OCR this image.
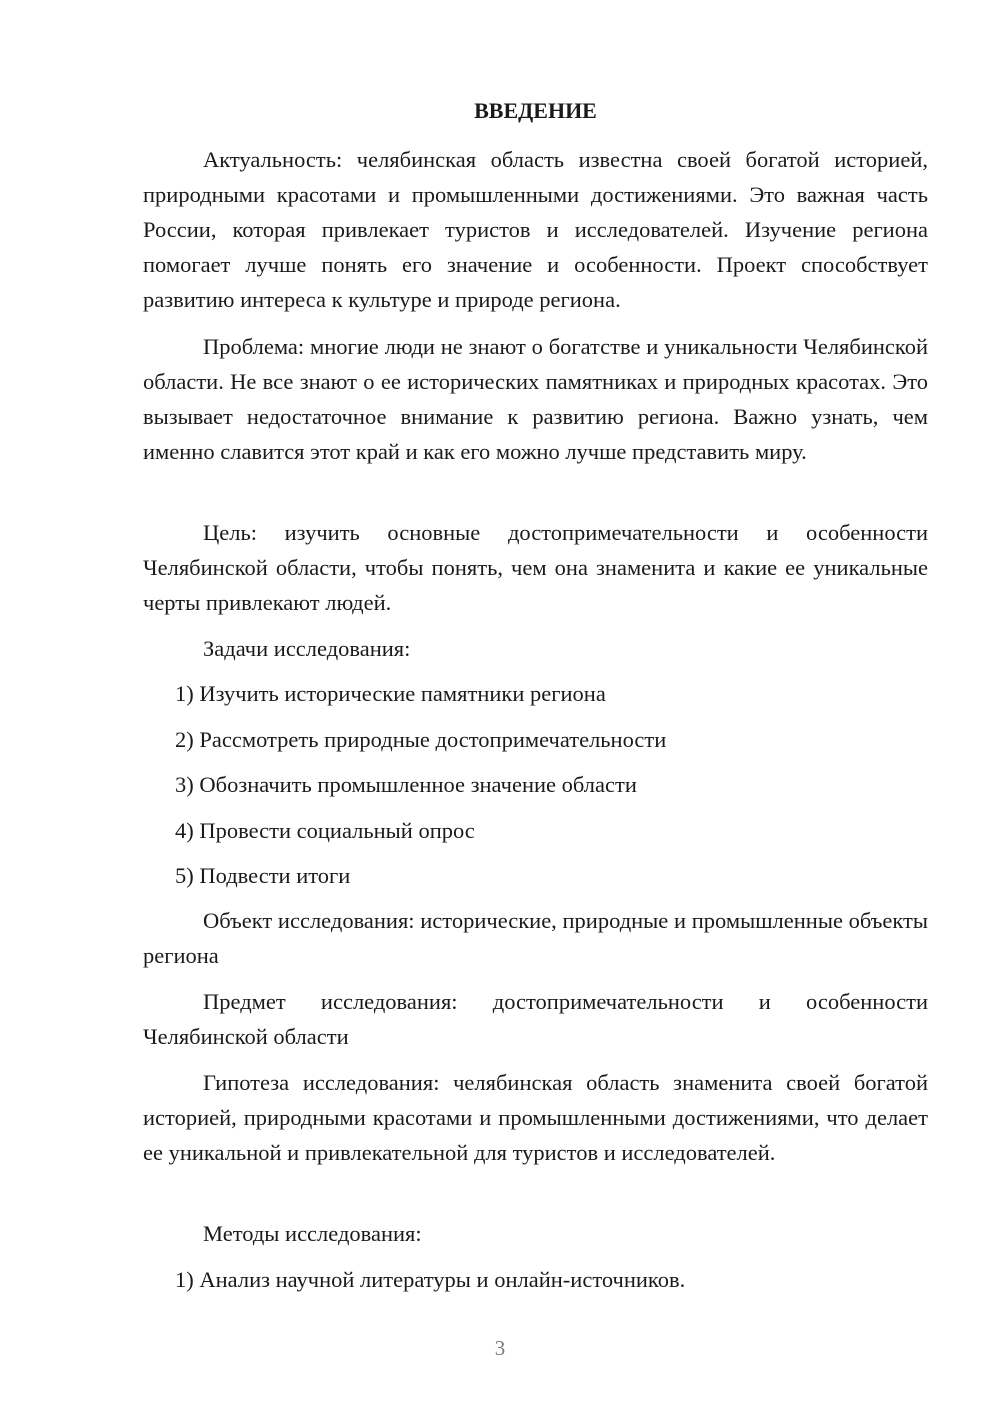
ВВЕДЕНИЕ

Актуальность: челябинская область известна своей богатой историей, природными красотами и промышленными достижениями. Это важная часть России, которая привлекает туристов и исследователей. Изучение региона помогает лучше понять его значение и особенности. Проект способствует развитию интереса к культуре и природе региона.

Проблема: многие люди не знают о богатстве и уникальности Челябинской области. Не все знают о ее исторических памятниках и природных красотах. Это вызывает недостаточное внимание к развитию региона. Важно узнать, чем именно славится этот край и как его можно лучше представить миру.

Цель: изучить основные достопримечательности и особенности Челябинской области, чтобы понять, чем она знаменита и какие ее уникальные черты привлекают людей.

Задачи исследования:

1) Изучить исторические памятники региона

2) Рассмотреть природные достопримечательности

3) Обозначить промышленное значение области

4) Провести социальный опрос

5) Подвести итоги

Объект исследования: исторические, природные и промышленные объекты региона

Предмет исследования: достопримечательности и особенности Челябинской области

Гипотеза исследования: челябинская область знаменита своей богатой историей, природными красотами и промышленными достижениями, что делает ее уникальной и привлекательной для туристов и исследователей.

Методы исследования:

1) Анализ научной литературы и онлайн-источников.

3
